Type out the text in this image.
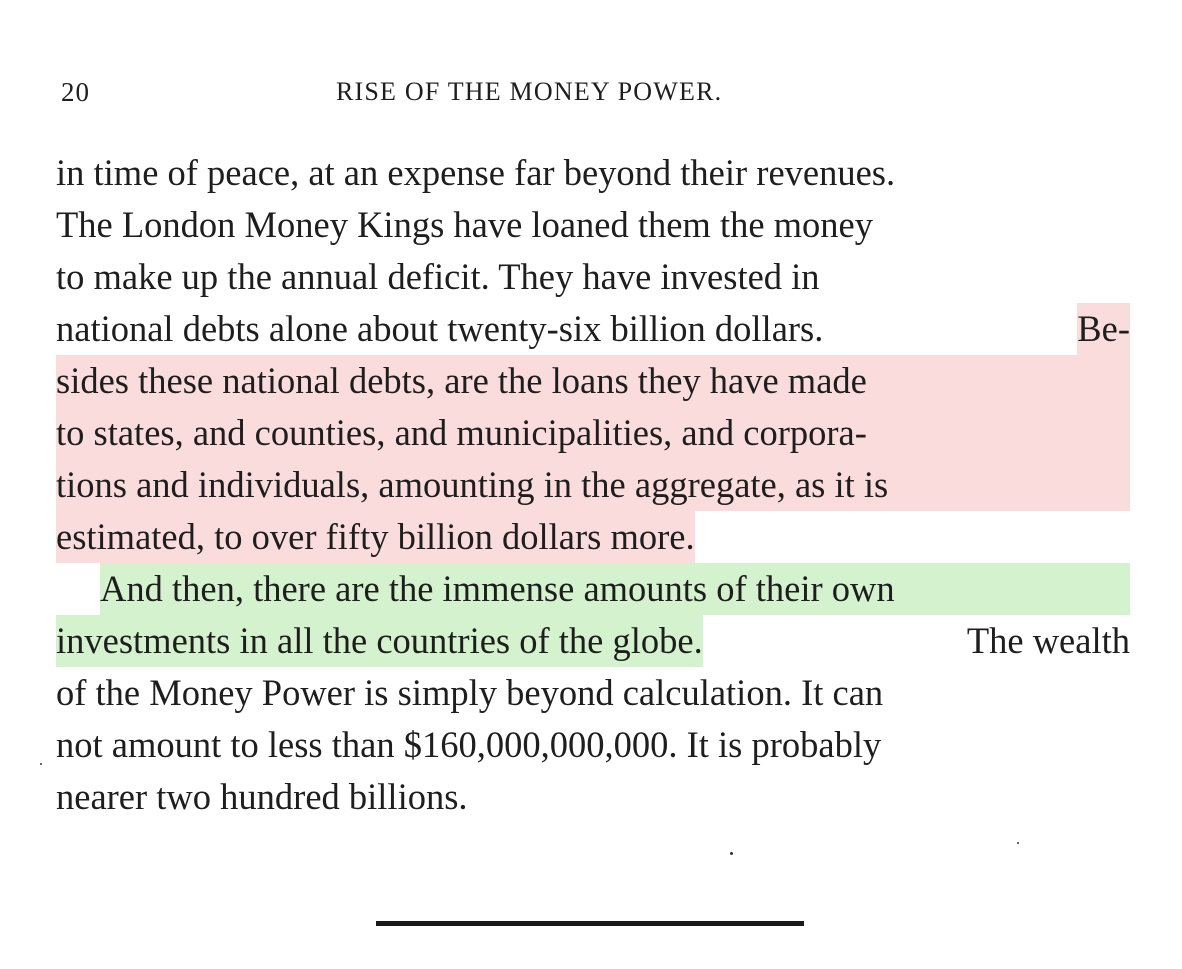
20	RISE OF THE MONEY POWER.
in time of peace, at an expense far beyond their revenues.
The London Money Kings have loaned them the money
to make up the annual deficit. They have invested in
national debts alone about twenty-six billion dollars.	Be-
sides these national debts, are the loans they have made
to states, and counties, and municipalities, and corpora-
tions and individuals, amounting in the aggregate, as it is
estimated, to over fifty billion dollars more.
And then, there are the immense amounts of their own
investments in all the countries of the globe.	The wealth
of the Money Power is simply beyond calculation. It can
not amount to less than $160,000,000,000. It is probably
nearer two hundred billions.
